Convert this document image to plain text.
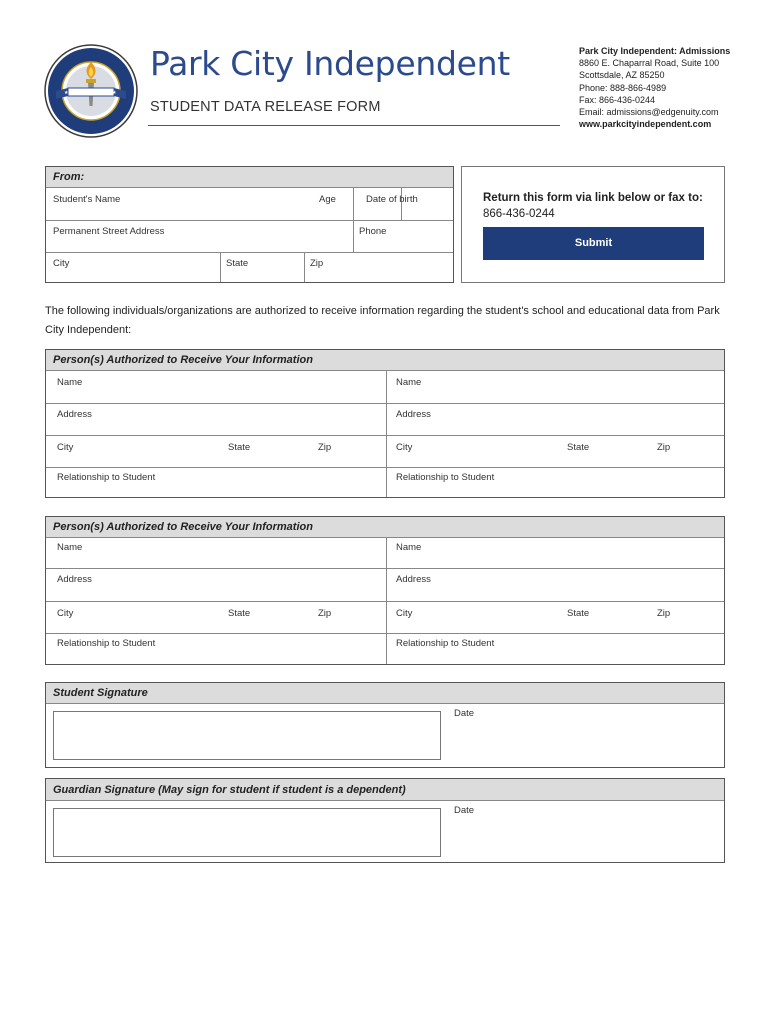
★	★
Park City Independent
STUDENT DATA RELEASE FORM
Park City Independent: Admissions
8860 E. Chaparral Road, Suite 100
Scottsdale, AZ 85250
Phone: 888-866-4989
Fax: 866-436-0244
Email: admissions@edgenuity.com
www.parkcityindependent.com
From:
Student's Name	Age	Date of birth
Permanent Street Address	Phone
City	State	Zip
Return this form via link below or fax to:
866-436-0244
Submit
The following individuals/organizations are authorized to receive information regarding the student's school and educational data from Park City Independent:
Person(s) Authorized to Receive Your Information
Name	Name
Address	Address
City	State	Zip	City	State	Zip
Relationship to Student	Relationship to Student
Person(s) Authorized to Receive Your Information
Name	Name
Address	Address
City	State	Zip	City	State	Zip
Relationship to Student	Relationship to Student
Student Signature
Date
Guardian Signature (May sign for student if student is a dependent)
Date
